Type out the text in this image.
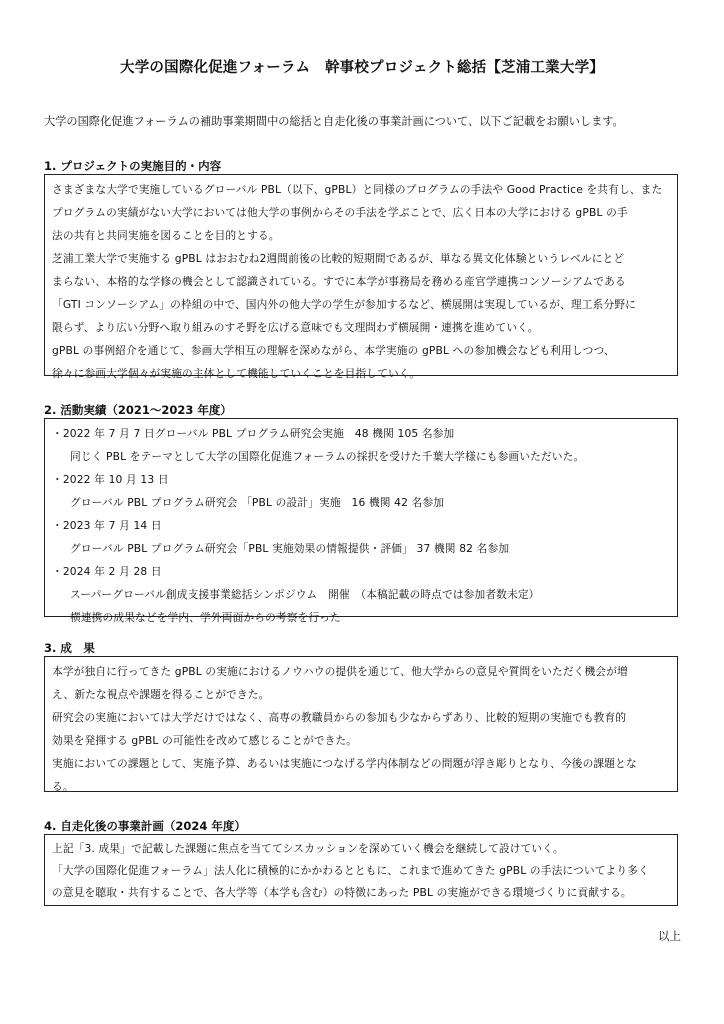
大学の国際化促進フォーラム　幹事校プロジェクト総括【芝浦工業大学】
大学の国際化促進フォーラムの補助事業期間中の総括と自走化後の事業計画について、以下ご記載をお願いします。
1. プロジェクトの実施目的・内容
さまざまな大学で実施しているグローバル PBL（以下、gPBL）と同様のプログラムの手法や Good Practice を共有し、また
プログラムの実績がない大学においては他大学の事例からその手法を学ぶことで、広く日本の大学における gPBL の手
法の共有と共同実施を図ることを目的とする。
芝浦工業大学で実施する gPBL はおおむね2週間前後の比較的短期間であるが、単なる異文化体験というレベルにとど
まらない、本格的な学修の機会として認識されている。すでに本学が事務局を務める産官学連携コンソーシアムである
「GTI コンソーシアム」の枠組の中で、国内外の他大学の学生が参加するなど、横展開は実現しているが、理工系分野に
限らず、より広い分野へ取り組みのすそ野を広げる意味でも文理問わず横展開・連携を進めていく。
gPBL の事例紹介を通じて、参画大学相互の理解を深めながら、本学実施の gPBL への参加機会なども利用しつつ、
徐々に参画大学個々が実施の主体として機能していくことを目指していく。
2. 活動実績（2021～2023 年度）
・2022 年 7 月 7 日グローバル PBL プログラム研究会実施　48 機関 105 名参加
同じく PBL をテーマとして大学の国際化促進フォーラムの採択を受けた千葉大学様にも参画いただいた。
・2022 年 10 月 13 日
グローバル PBL プログラム研究会 「PBL の設計」実施　16 機関 42 名参加
・2023 年 7 月 14 日
グローバル PBL プログラム研究会「PBL 実施効果の情報提供・評価」 37 機関 82 名参加
・2024 年 2 月 28 日
スーパーグローバル創成支援事業総括シンポジウム　開催　（本稿記載の時点では参加者数未定）
横連携の成果などを学内、学外両面からの考察を行った
3. 成　果
本学が独自に行ってきた gPBL の実施におけるノウハウの提供を通じて、他大学からの意見や質問をいただく機会が増
え、新たな視点や課題を得ることができた。
研究会の実施においては大学だけではなく、高専の教職員からの参加も少なからずあり、比較的短期の実施でも教育的
効果を発揮する gPBL の可能性を改めて感じることができた。
実施においての課題として、実施予算、あるいは実施につなげる学内体制などの問題が浮き彫りとなり、今後の課題とな
る。
4. 自走化後の事業計画（2024 年度）
上記「3. 成果」で記載した課題に焦点を当ててシスカッションを深めていく機会を継続して設けていく。
「大学の国際化促進フォーラム」法人化に積極的にかかわるとともに、これまで進めてきた gPBL の手法についてより多く
の意見を聴取・共有することで、各大学等（本学も含む）の特徴にあった PBL の実施ができる環境づくりに貢献する。
以上
